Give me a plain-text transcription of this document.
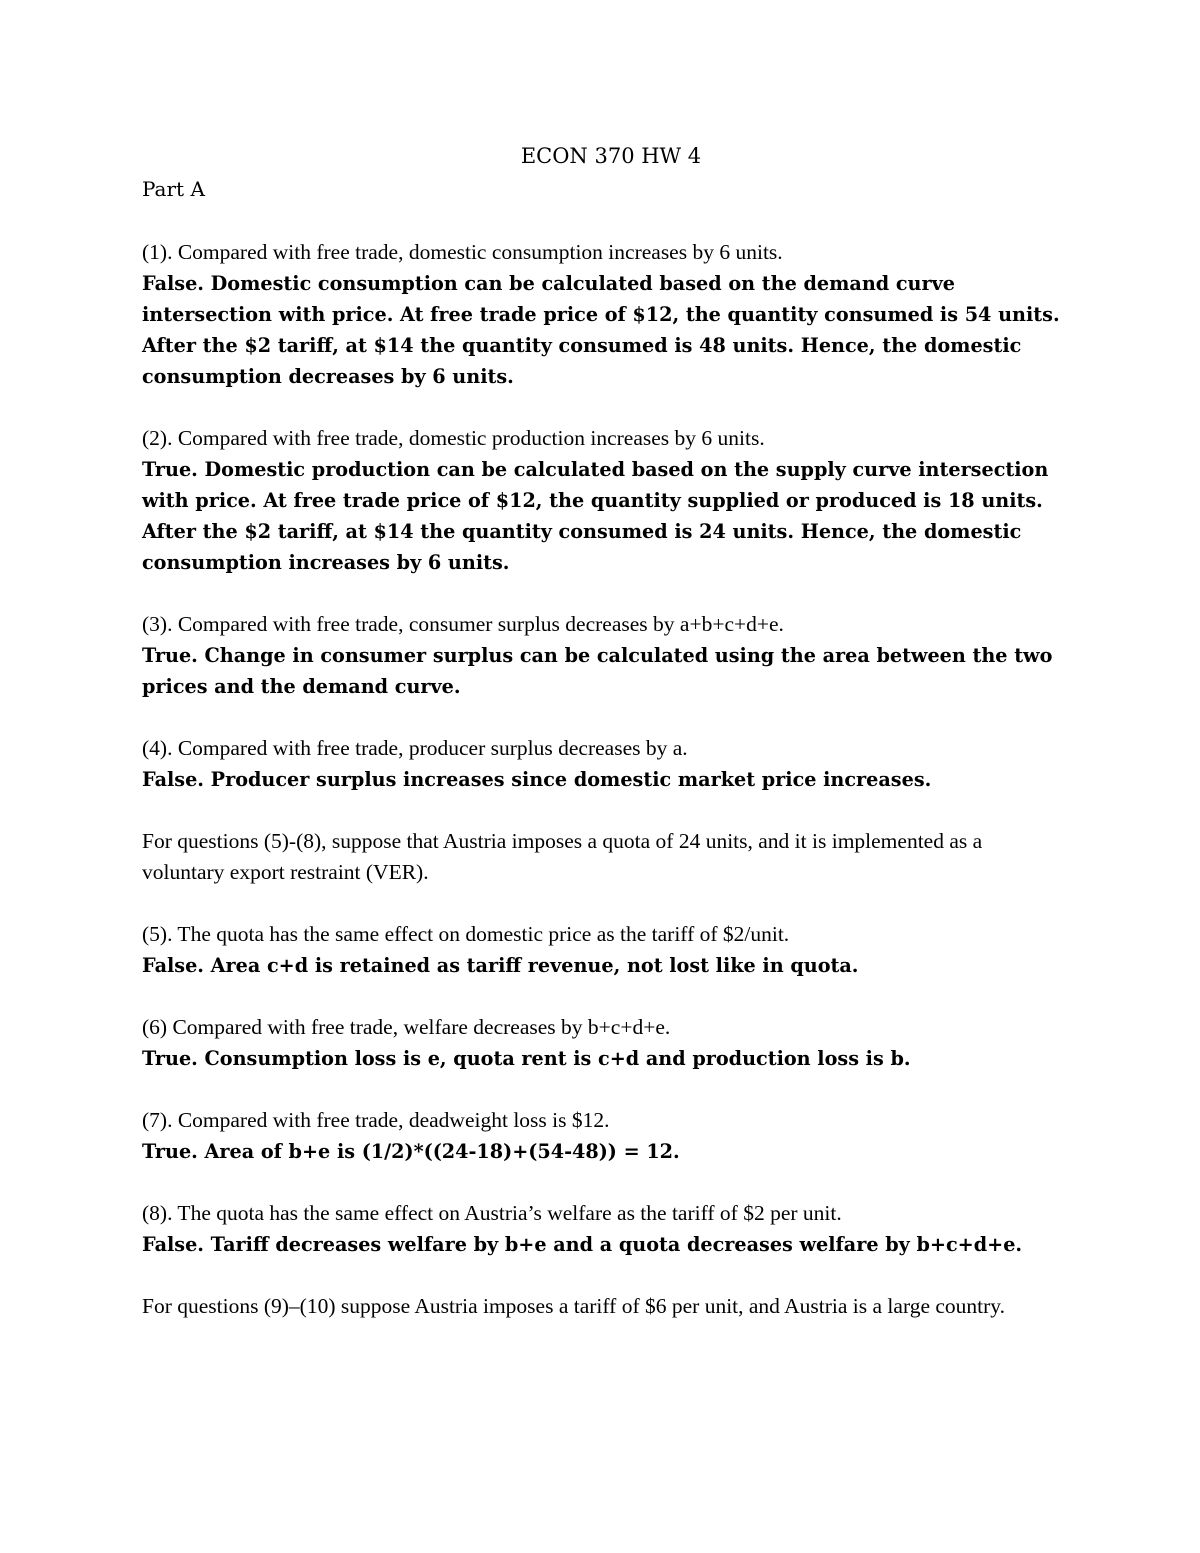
ECON 370 HW 4
Part A

(1). Compared with free trade, domestic consumption increases by 6 units.

False. Domestic consumption can be calculated based on the demand curve intersection with price. At free trade price of $12, the quantity consumed is 54 units. After the $2 tariff, at $14 the quantity consumed is 48 units. Hence, the domestic consumption decreases by 6 units.

(2). Compared with free trade, domestic production increases by 6 units.

True. Domestic production can be calculated based on the supply curve intersection with price. At free trade price of $12, the quantity supplied or produced is 18 units. After the $2 tariff, at $14 the quantity consumed is 24 units. Hence, the domestic consumption increases by 6 units.

(3). Compared with free trade, consumer surplus decreases by a+b+c+d+e.

True. Change in consumer surplus can be calculated using the area between the two prices and the demand curve.

(4). Compared with free trade, producer surplus decreases by a.

False. Producer surplus increases since domestic market price increases.

For questions (5)-(8), suppose that Austria imposes a quota of 24 units, and it is implemented as a voluntary export restraint (VER).

(5). The quota has the same effect on domestic price as the tariff of $2/unit.

False. Area c+d is retained as tariff revenue, not lost like in quota.

(6) Compared with free trade, welfare decreases by b+c+d+e.

True. Consumption loss is e, quota rent is c+d and production loss is b.

(7). Compared with free trade, deadweight loss is $12.

True. Area of b+e is (1/2)*((24-18)+(54-48)) = 12.

(8). The quota has the same effect on Austria’s welfare as the tariff of $2 per unit.

False. Tariff decreases welfare by b+e and a quota decreases welfare by b+c+d+e.

For questions (9)–(10) suppose Austria imposes a tariff of $6 per unit, and Austria is a large country.
